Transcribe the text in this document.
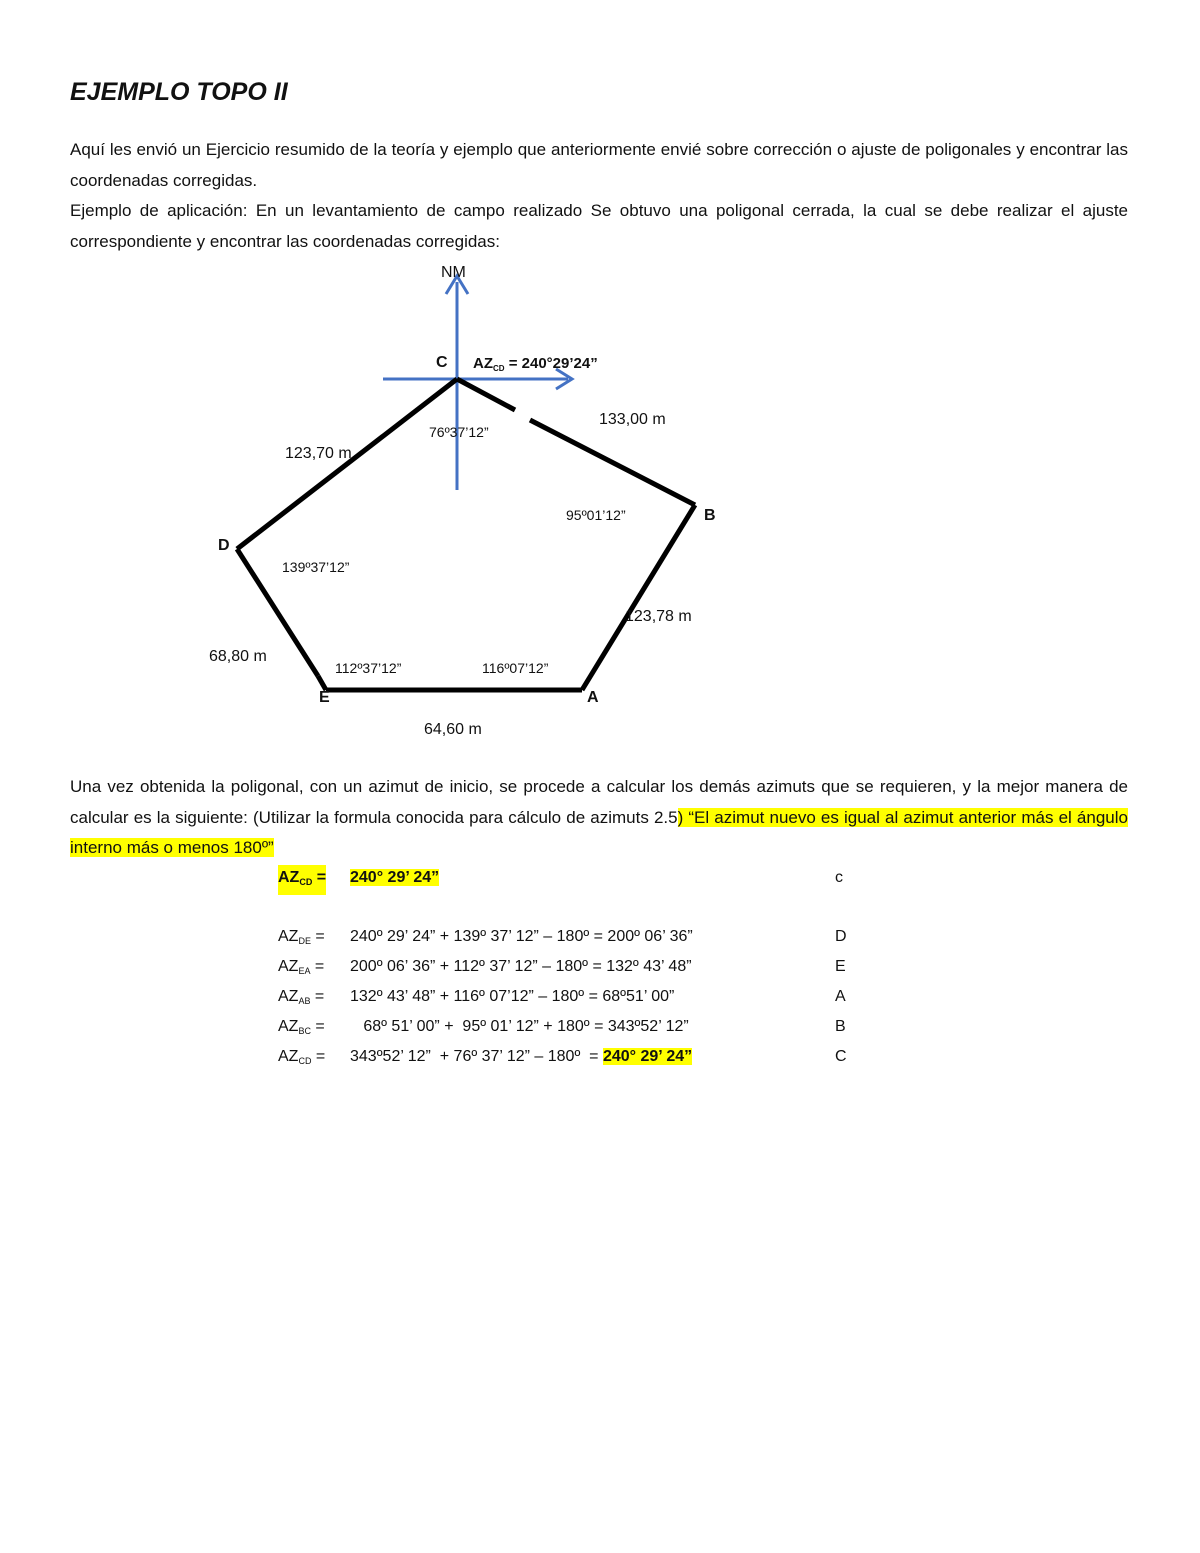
EJEMPLO TOPO II

Aquí les envió un Ejercicio resumido de la teoría y ejemplo que anteriormente envié sobre corrección o ajuste de poligonales y encontrar las coordenadas corregidas.

Ejemplo de aplicación: En un levantamiento de campo realizado Se obtuvo una poligonal cerrada, la cual se debe realizar el ajuste correspondiente y encontrar las coordenadas corregidas:

NM
$AZ_{CD}$ = 240°29’24”
C
B
D
E	A
133,00 m
123,70 m
123,78 m
68,80 m
64,60 m
76º37’12”
95º01’12”
139º37’12”
112º37’12”	116º07’12”

Una vez obtenida la poligonal, con un azimut de inicio, se procede a calcular los demás azimuts que se requieren, y la mejor manera de calcular es la siguiente: (Utilizar la formula conocida para cálculo de azimuts 2.5) “El azimut nuevo es igual al azimut anterior más el ángulo interno más o menos 180º”

$AZ_{CD} = 240^\circ$ 29’ 24”	c
$AZ_{DE}$ = 240º 29’ 24” + 139º 37’ 12” – 180º = 200º 06’ 36”	D
$AZ_{EA}$ = 200º 06’ 36” + 112º 37’ 12” – 180º = 132º 43’ 48”	E
$AZ_{AB}$ = 132º 43’ 48” + 116º 07’12” – 180º = 68º51’ 00”	A
$AZ_{BC}$ = 68º 51’ 00” +  95º 01’ 12” + 180º = 343º52’ 12”	B
$AZ_{CD}$ = 343º52’ 12”  + 76º 37’ 12” – 180º  = 240° 29’ 24”	C
